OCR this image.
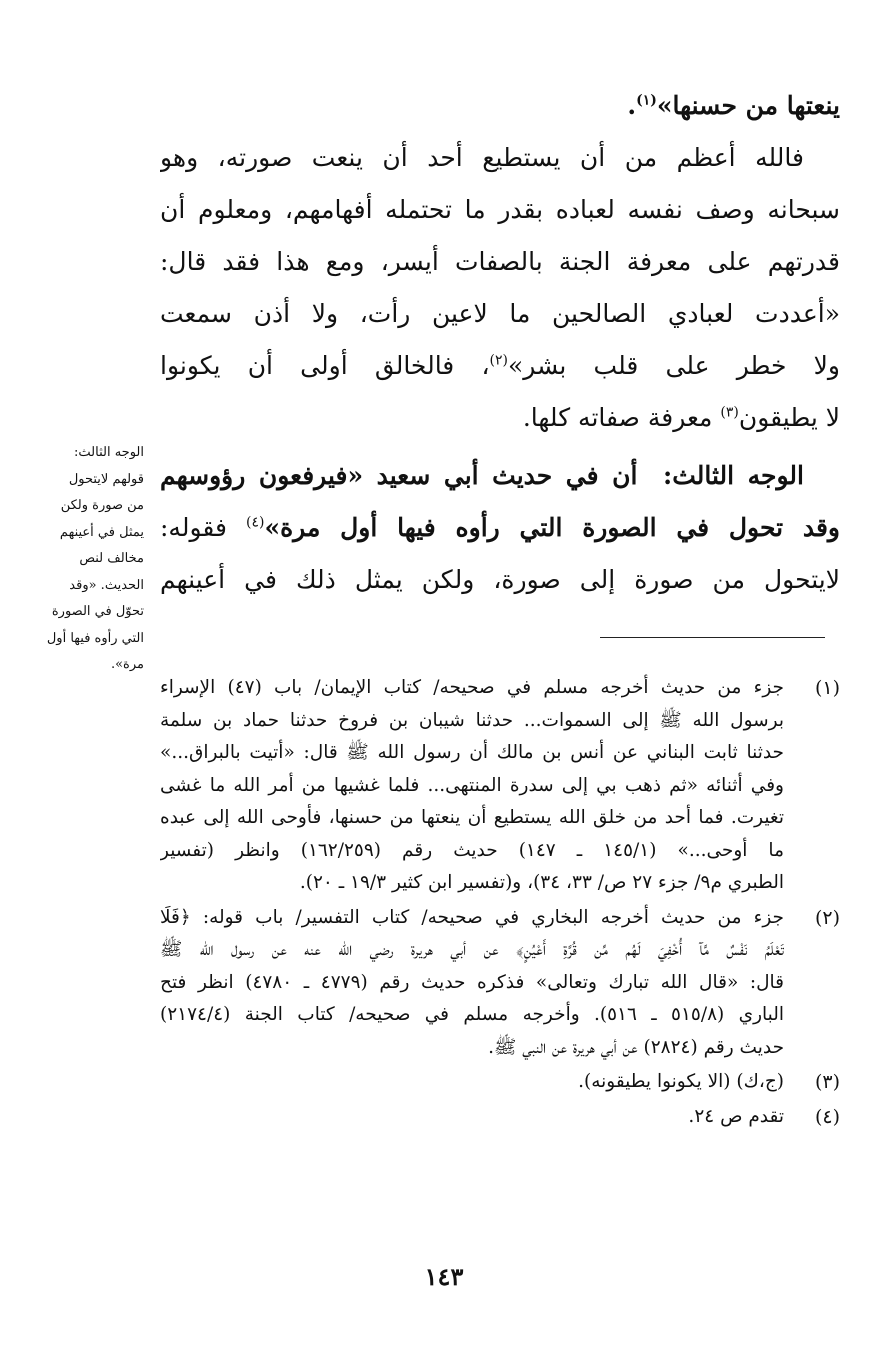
ينعتها من حسنها»$^{(١)}$.
فالله أعظم من أن يستطيع أحد أن ينعت صورته، وهو
سبحانه وصف نفسه لعباده بقدر ما تحتمله أفهامهم، ومعلوم أن
قدرتهم على معرفة الجنة بالصفات أيسر، ومع هذا فقد قال:
«أعددت لعبادي الصالحين ما لاعين رأت، ولا أذن سمعت
ولا خطر على قلب بشر»$^{(٢)}$، فالخالق أولى أن يكونوا
لا يطيقون$^{(٣)}$ معرفة صفاته كلها.
الوجه الثالث: أن في حديث أبي سعيد «فيرفعون رؤوسهم
وقد تحول في الصورة التي رأوه فيها أول مرة»$^{(٤)}$ فقوله:
لايتحول من صورة إلى صورة، ولكن يمثل ذلك في أعينهم
الوجه الثالث:
قولهم لايتحول
من صورة ولكن
يمثل في أعينهم
مخالف لنص
الحديث. «وقد
تحوّل في الصورة
التي رأوه فيها أول
مرة».
(١)
جزء من حديث أخرجه مسلم في صحيحه/ كتاب الإيمان/ باب (٤٧) الإسراء
برسول الله ﷺ إلى السموات... حدثنا شيبان بن فروخ حدثنا حماد بن سلمة
حدثنا ثابت البناني عن أنس بن مالك أن رسول الله ﷺ قال: «أتيت بالبراق...»
وفي أثنائه «ثم ذهب بي إلى سدرة المنتهى... فلما غشيها من أمر الله ما غشى
تغيرت. فما أحد من خلق الله يستطيع أن ينعتها من حسنها، فأوحى الله إلى عبده
ما أوحى...» (١٤٥/١ ـ ١٤٧) حديث رقم (١٦٢/٢٥٩) وانظر (تفسير
الطبري م٩/ جزء ٢٧ ص/ ٣٣، ٣٤)، و(تفسير ابن كثير ١٩/٣ ـ ٢٠).
(٢)
جزء من حديث أخرجه البخاري في صحيحه/ كتاب التفسير/ باب قوله: ﴿فَلَا
تَعْلَمُ نَفْسٌ مَّآ أُخْفِيَ لَهُم مِّن قُرَّةِ أَعْيُنٍ﴾ عن أبي هريرة رضي الله عنه عن رسول الله ﷺ
قال: «قال الله تبارك وتعالى» فذكره حديث رقم (٤٧٧٩ ـ ٤٧٨٠) انظر فتح
الباري (٥١٥/٨ ـ ٥١٦). وأخرجه مسلم في صحيحه/ كتاب الجنة (٢١٧٤/٤)
حديث رقم (٢٨٢٤) عن أبي هريرة عن النبي ﷺ.
(٣)
(ج،ك) (الا يكونوا يطيقونه).
(٤)
تقدم ص ٢٤.
١٤٣
